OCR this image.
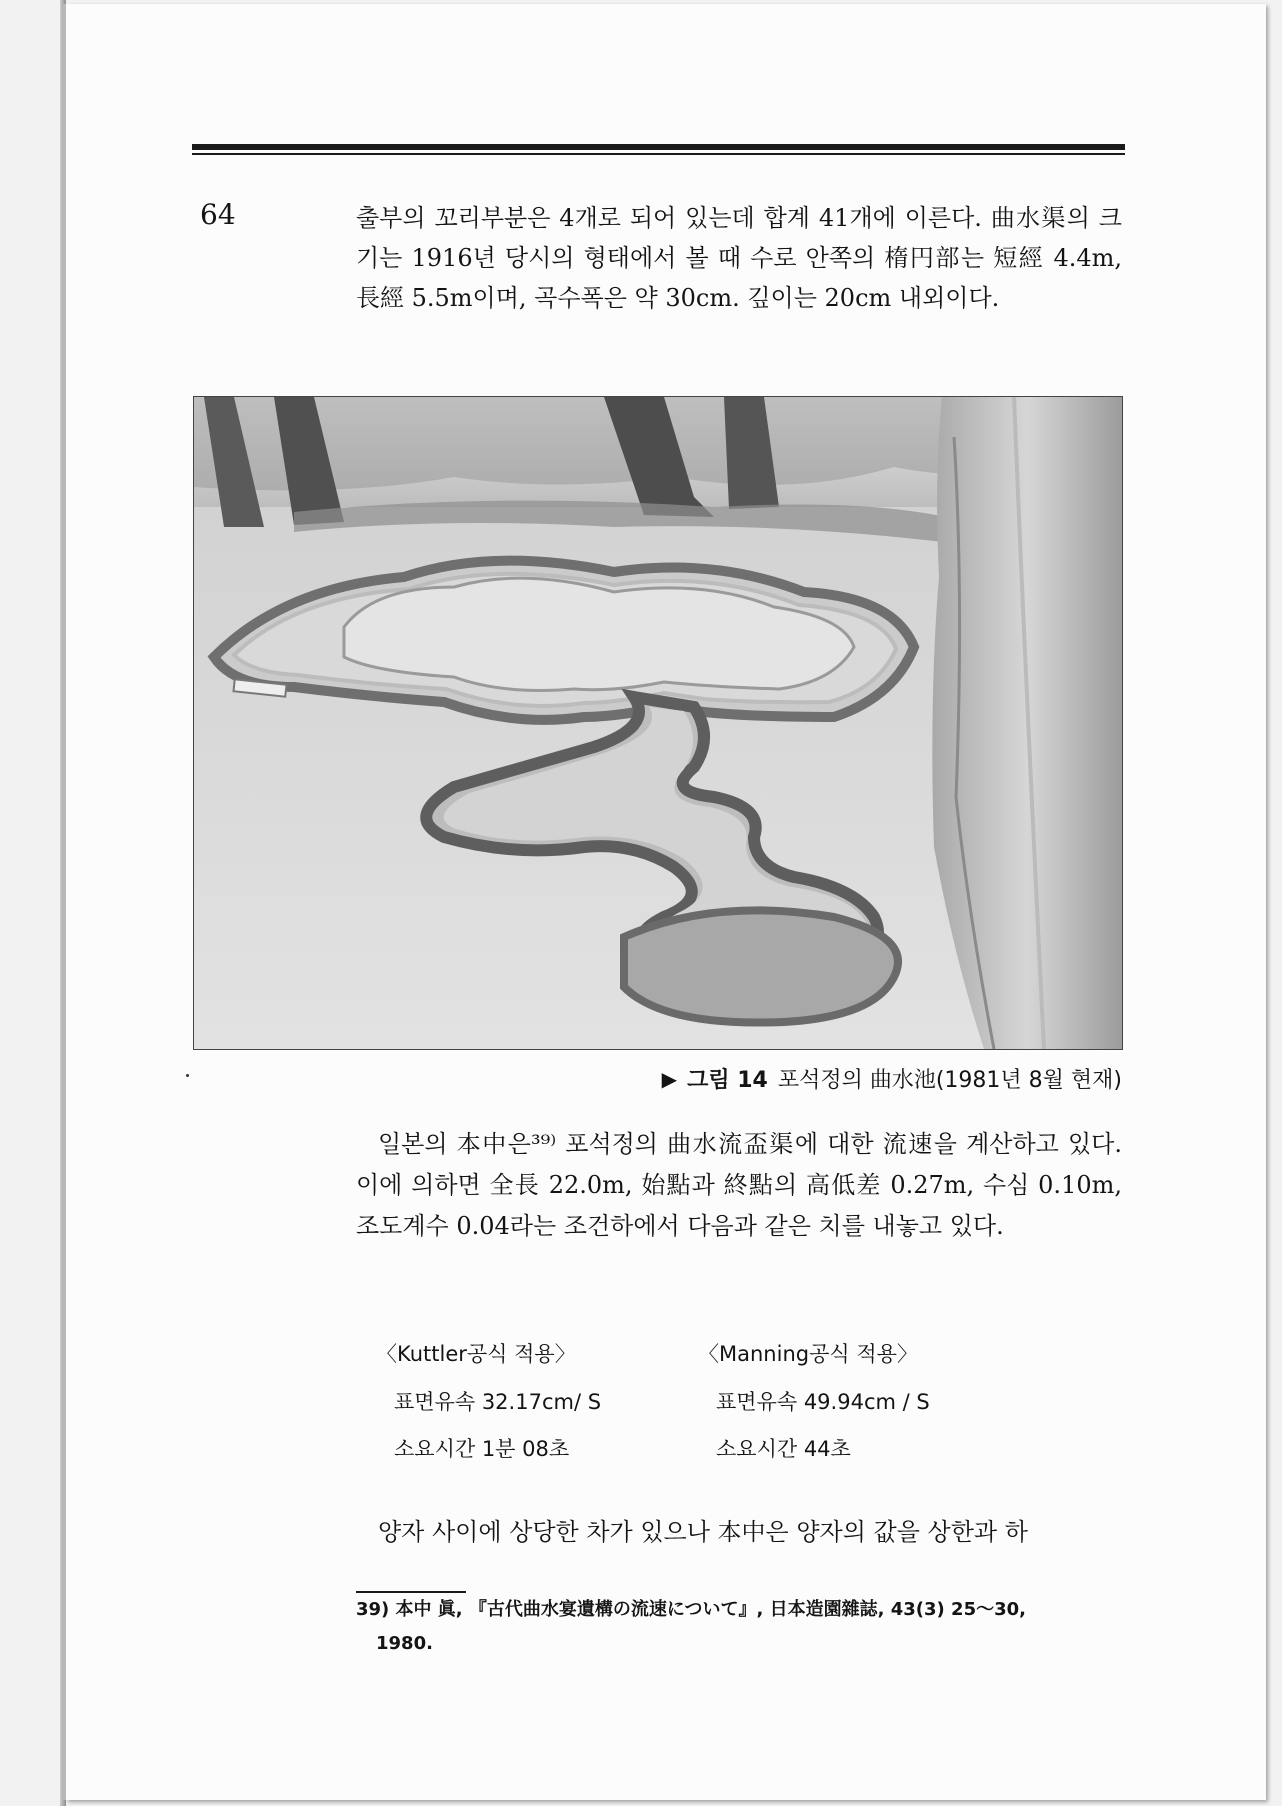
64	출부의 꼬리부분은 4개로 되어 있는데 합계 41개에 이른다. 曲水渠의 크기는 1916년 당시의 형태에서 볼 때 수로 안쪽의 楕円部는 短經 4.4m, 長經 5.5m이며, 곡수폭은 약 30cm. 깊이는 20cm 내외이다.

▶ 그림 14 포석정의 曲水池(1981년 8월 현재)

일본의 本中은³⁹⁾ 포석정의 曲水流盃渠에 대한 流速을 계산하고 있다. 이에 의하면 全長 22.0m, 始點과 終點의 高低差 0.27m, 수심 0.10m, 조도계수 0.04라는 조건하에서 다음과 같은 치를 내놓고 있다.

〈Kuttler공식 적용〉
표면유속 32.17cm/ S
소요시간 1분 08초
〈Manning공식 적용〉
표면유속 49.94cm / S
소요시간 44초

양자 사이에 상당한 차가 있으나 本中은 양자의 값을 상한과 하

39) 本中 眞, 『古代曲水宴遺構の流速について』, 日本造園雜誌, 43(3) 25〜30,
1980.
